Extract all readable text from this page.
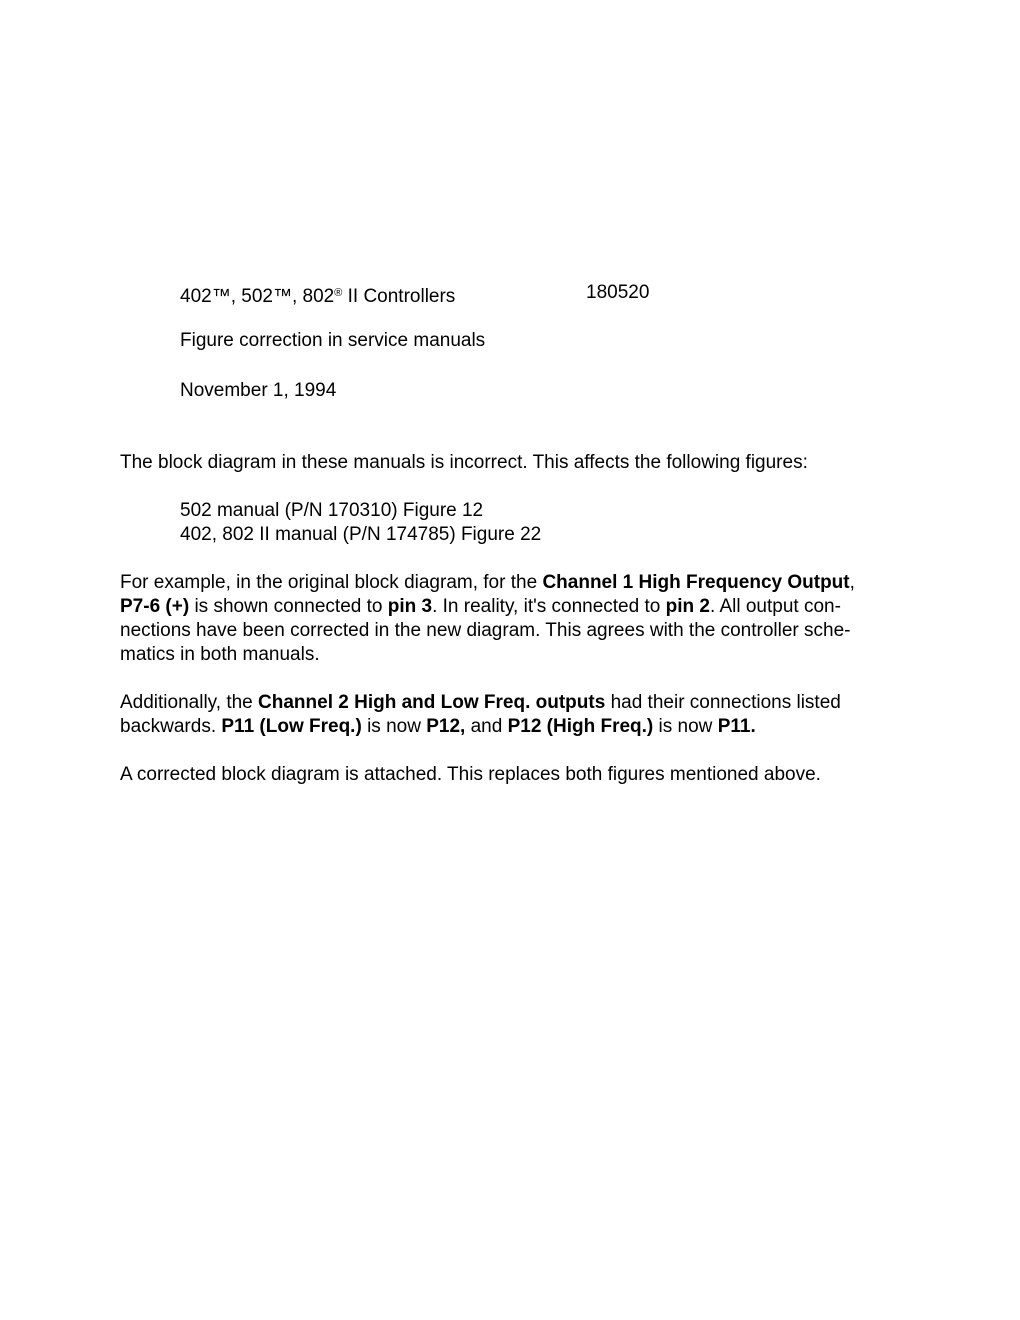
402™, 502™, 802® II Controllers	180520
Figure correction in service manuals
November 1, 1994
The block diagram in these manuals is incorrect. This affects the following figures:
502 manual (P/N 170310) Figure 12
402, 802 II manual (P/N 174785) Figure 22
For example, in the original block diagram, for the Channel 1 High Frequency Output,
P7-6 (+) is shown connected to pin 3. In reality, it's connected to pin 2. All output con-
nections have been corrected in the new diagram. This agrees with the controller sche-
matics in both manuals.
Additionally, the Channel 2 High and Low Freq. outputs had their connections listed
backwards. P11 (Low Freq.) is now P12, and P12 (High Freq.) is now P11.
A corrected block diagram is attached. This replaces both figures mentioned above.
